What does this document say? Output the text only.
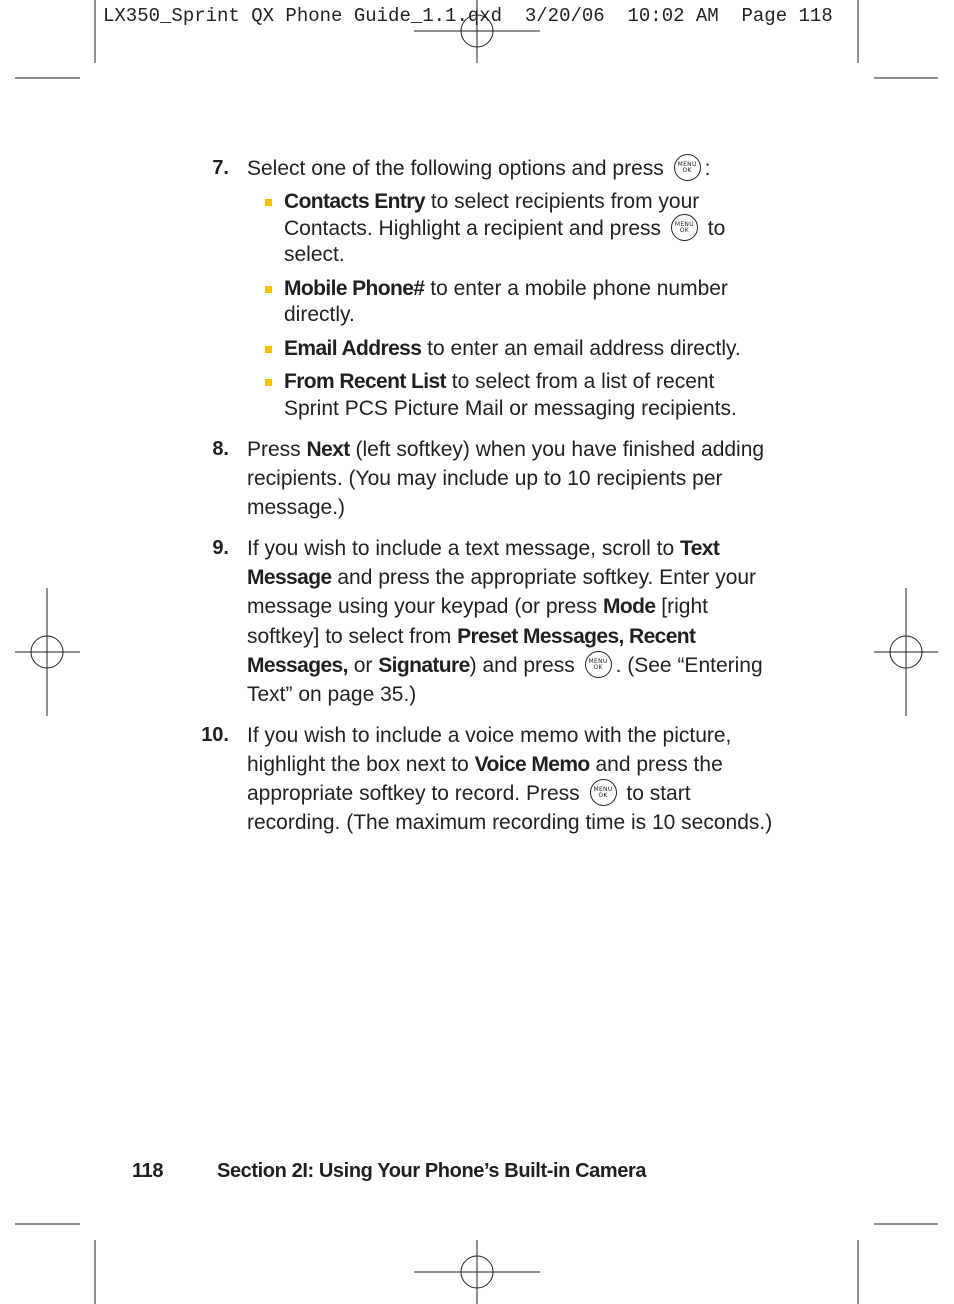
LX350_Sprint QX Phone Guide_1.1.qxd  3/20/06  10:02 AM  Page 118
7. Select one of the following options and press	MENU
OK :
Contacts Entry to select recipients from your
Contacts. Highlight a recipient and press	MENU
OK to
select.
Mobile Phone# to enter a mobile phone number
directly.
Email Address to enter an email address directly.
From Recent List to select from a list of recent
Sprint PCS Picture Mail or messaging recipients.
8. Press Next (left softkey) when you have finished adding
recipients. (You may include up to 10 recipients per
message.)
9. If you wish to include a text message, scroll to Text
Message and press the appropriate softkey. Enter your
message using your keypad (or press Mode [right
softkey] to select from Preset Messages, Recent
Messages, or Signature) and press	MENU
OK . (See “Entering
Text” on page 35.)
10. If you wish to include a voice memo with the picture,
highlight the box next to Voice Memo and press the
appropriate softkey to record. Press	MENU
OK to start
recording. (The maximum recording time is 10 seconds.)
118	Section 2I: Using Your Phone’s Built-in Camera
